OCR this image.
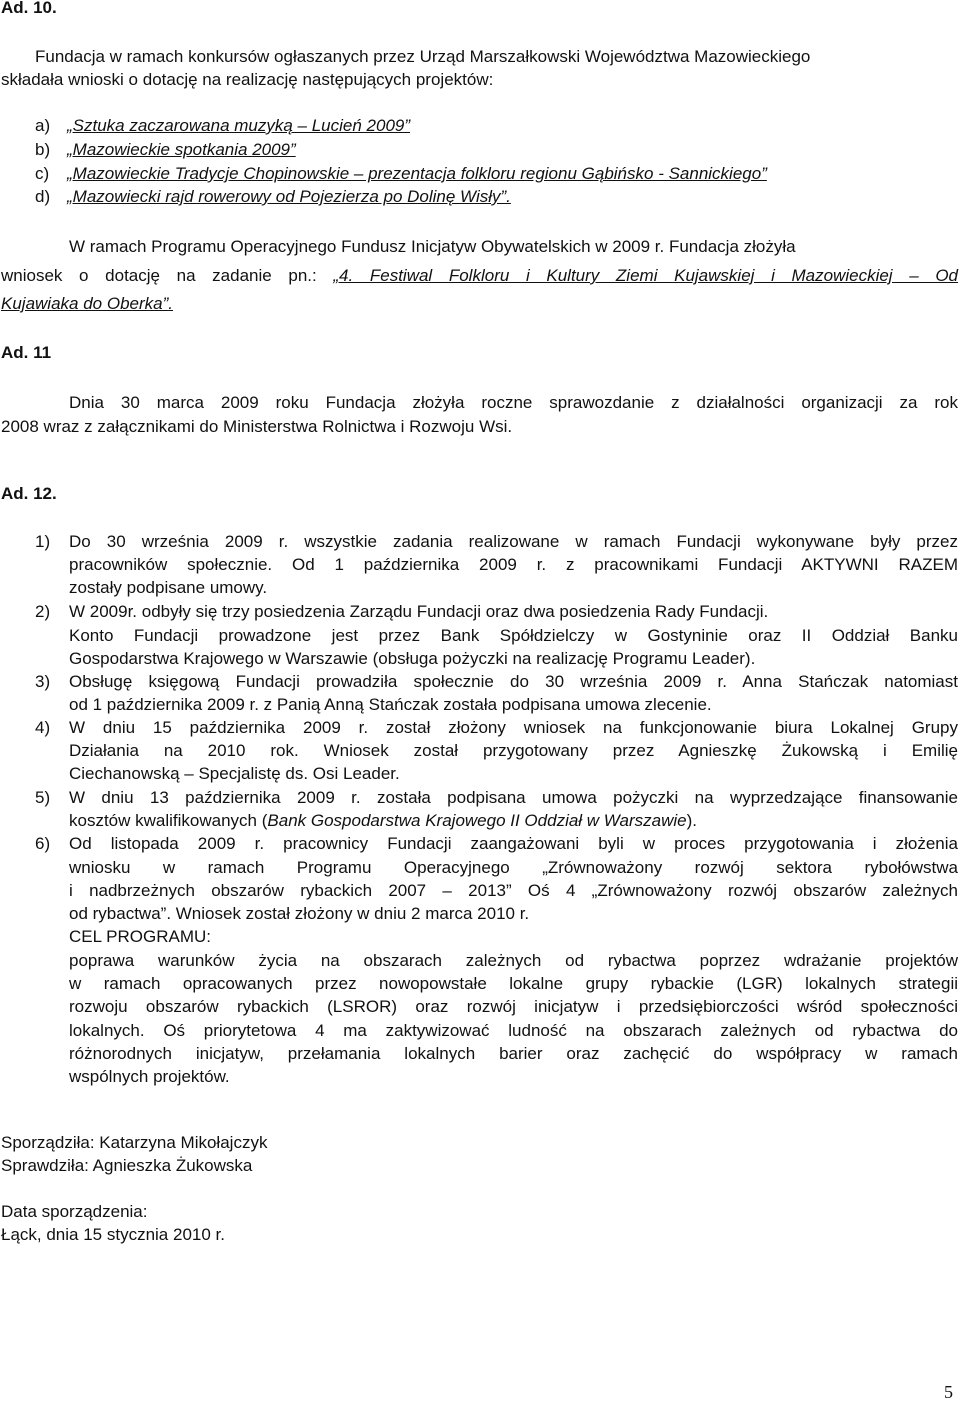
Ad. 10.
Fundacja w ramach konkursów ogłaszanych przez Urząd Marszałkowski Województwa Mazowieckiego
składała wnioski o dotację na realizację następujących projektów:
a) „Sztuka zaczarowana muzyką – Lucień 2009”
b) „Mazowieckie spotkania 2009”
c) „Mazowieckie Tradycje Chopinowskie – prezentacja folkloru regionu Gąbińsko - Sannickiego”
d) „Mazowiecki rajd rowerowy od Pojezierza po Dolinę Wisły”.
W ramach Programu Operacyjnego Fundusz Inicjatyw Obywatelskich w 2009 r. Fundacja złożyła
wniosek o dotację na zadanie pn.: „4. Festiwal Folkloru i Kultury Ziemi Kujawskiej i Mazowieckiej – Od
Kujawiaka do Oberka”.
Ad. 11
Dnia 30 marca 2009 roku Fundacja złożyła roczne sprawozdanie z działalności organizacji za rok
2008 wraz z załącznikami do Ministerstwa Rolnictwa i Rozwoju Wsi.
Ad. 12.
1) Do 30 września 2009 r. wszystkie zadania realizowane w ramach Fundacji wykonywane były przez
pracowników społecznie. Od 1 października 2009 r. z pracownikami Fundacji AKTYWNI RAZEM
zostały podpisane umowy.
2) W 2009r. odbyły się trzy posiedzenia Zarządu Fundacji oraz dwa posiedzenia Rady Fundacji.
Konto Fundacji prowadzone jest przez Bank Spółdzielczy w Gostyninie oraz II Oddział Banku
Gospodarstwa Krajowego w Warszawie (obsługa pożyczki na realizację Programu Leader).
3) Obsługę księgową Fundacji prowadziła społecznie do 30 września 2009 r. Anna Stańczak natomiast
od 1 października 2009 r. z Panią Anną Stańczak została podpisana umowa zlecenie.
4) W dniu 15 października 2009 r. został złożony wniosek na funkcjonowanie biura Lokalnej Grupy
Działania na 2010 rok. Wniosek został przygotowany przez Agnieszkę Żukowską i Emilię
Ciechanowską – Specjalistę ds. Osi Leader.
5) W dniu 13 października 2009 r. została podpisana umowa pożyczki na wyprzedzające finansowanie
kosztów kwalifikowanych (Bank Gospodarstwa Krajowego II Oddział w Warszawie).
6) Od listopada 2009 r. pracownicy Fundacji zaangażowani byli w proces przygotowania i złożenia
wniosku w ramach Programu Operacyjnego „Zrównoważony rozwój sektora rybołówstwa
i nadbrzeżnych obszarów rybackich 2007 – 2013” Oś 4 „Zrównoważony rozwój obszarów zależnych
od rybactwa”. Wniosek został złożony w dniu 2 marca 2010 r.
CEL PROGRAMU:
poprawa warunków życia na obszarach zależnych od rybactwa poprzez wdrażanie projektów
w ramach opracowanych przez nowopowstałe lokalne grupy rybackie (LGR) lokalnych strategii
rozwoju obszarów rybackich (LSROR) oraz rozwój inicjatyw i przedsiębiorczości wśród społeczności
lokalnych. Oś priorytetowa 4 ma zaktywizować ludność na obszarach zależnych od rybactwa do
różnorodnych inicjatyw, przełamania lokalnych barier oraz zachęcić do współpracy w ramach
wspólnych projektów.
Sporządziła: Katarzyna Mikołajczyk
Sprawdziła: Agnieszka Żukowska
Data sporządzenia:
Łąck, dnia 15 stycznia 2010 r.
5
